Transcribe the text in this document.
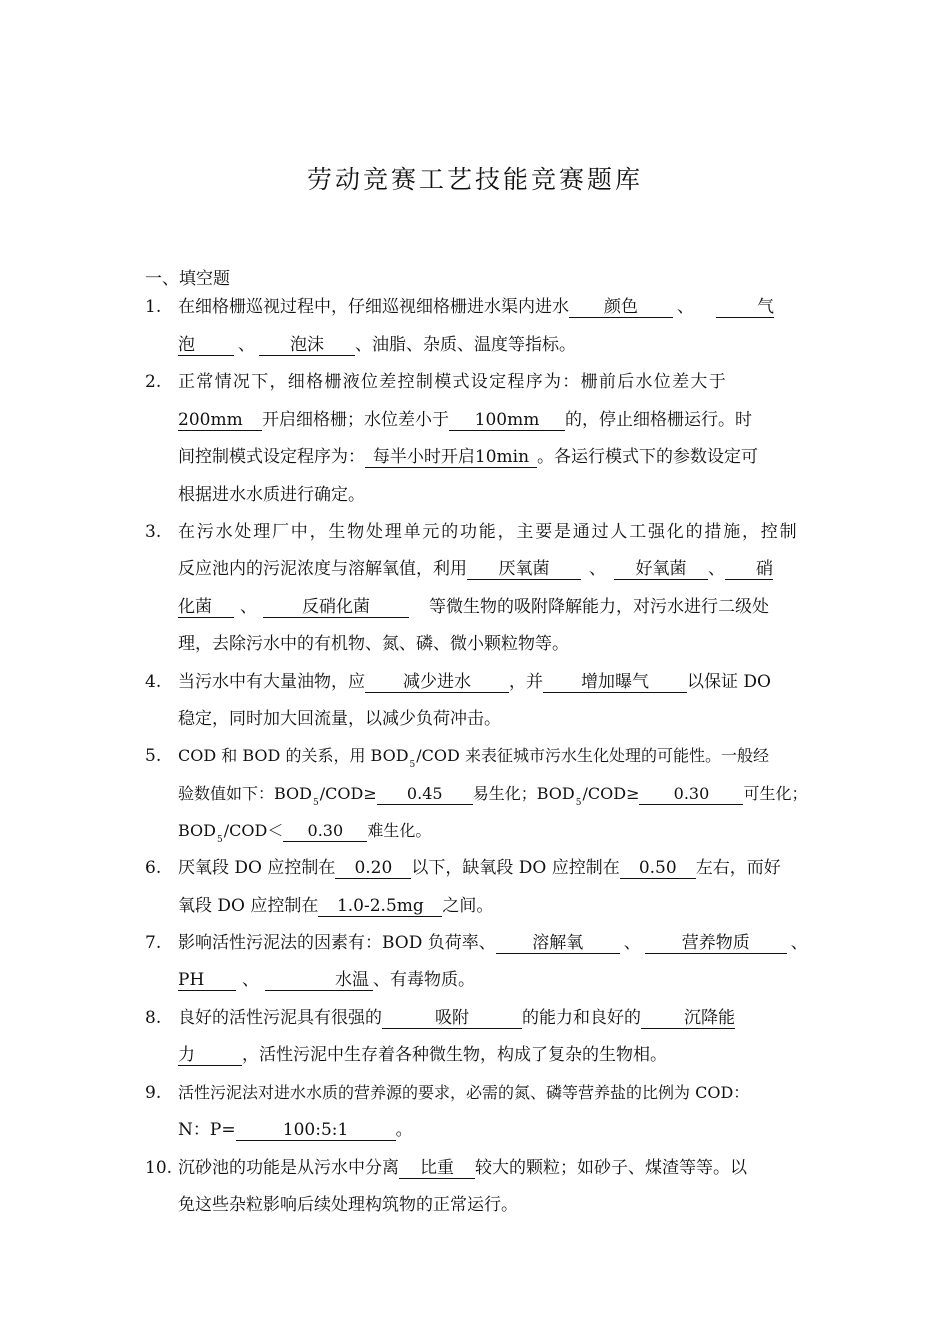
劳动竞赛工艺技能竞赛题库
一、填空题
1. 在细格栅巡视过程中，仔细巡视细格栅进水渠内进水 颜色 、	气
泡	、 泡沫 、油脂、杂质、温度等指标。
2. 正常情况下，细格栅液位差控制模式设定程序为：栅前后水位差大于
200mm 开启细格栅；水位差小于 100mm 的，停止细格栅运行。时
间控制模式设定程序为： 每半小时开启10min 。各运行模式下的参数设定可
根据进水水质进行确定。
3. 在污水处理厂中，生物处理单元的功能，主要是通过人工强化的措施，控制
反应池内的污泥浓度与溶解氧值，利用 厌氧菌 、 好氧菌 、 硝
化菌 、	反硝化菌	等微生物的吸附降解能力，对污水进行二级处
理，去除污水中的有机物、氮、磷、微小颗粒物等。
4. 当污水中有大量油物，应 减少进水 ，并 增加曝气 以保证 DO
稳定，同时加大回流量，以减少负荷冲击。
5. COD 和 BOD 的关系，用 $BOD_5$/COD 来表征城市污水生化处理的可能性。一般经
验数值如下：$BOD_5/COD\ge 0.45$ 易生化；$BOD_5/COD\ge 0.30$ 可生化；
$BOD_5/COD< 0.30$ 难生化。
6. 厌氧段 DO 应控制在 0.20 以下，缺氧段 DO 应控制在 0.50 左右，而好
氧段 DO 应控制在 1.0-2.5mg 之间。
7. 影响活性污泥法的因素有：BOD 负荷率、 溶解氧 、 营养物质 、
PH 、	水温 、有毒物质。
8. 良好的活性污泥具有很强的	吸附	的能力和良好的	沉降能
力	，活性污泥中生存着各种微生物，构成了复杂的生物相。
9. 活性污泥法对进水水质的营养源的要求，必需的氮、磷等营养盐的比例为 COD：
N：P=	100:5:1	。
10. 沉砂池的功能是从污水中分离 比重 较大的颗粒；如砂子、煤渣等等。以
免这些杂粒影响后续处理构筑物的正常运行。
